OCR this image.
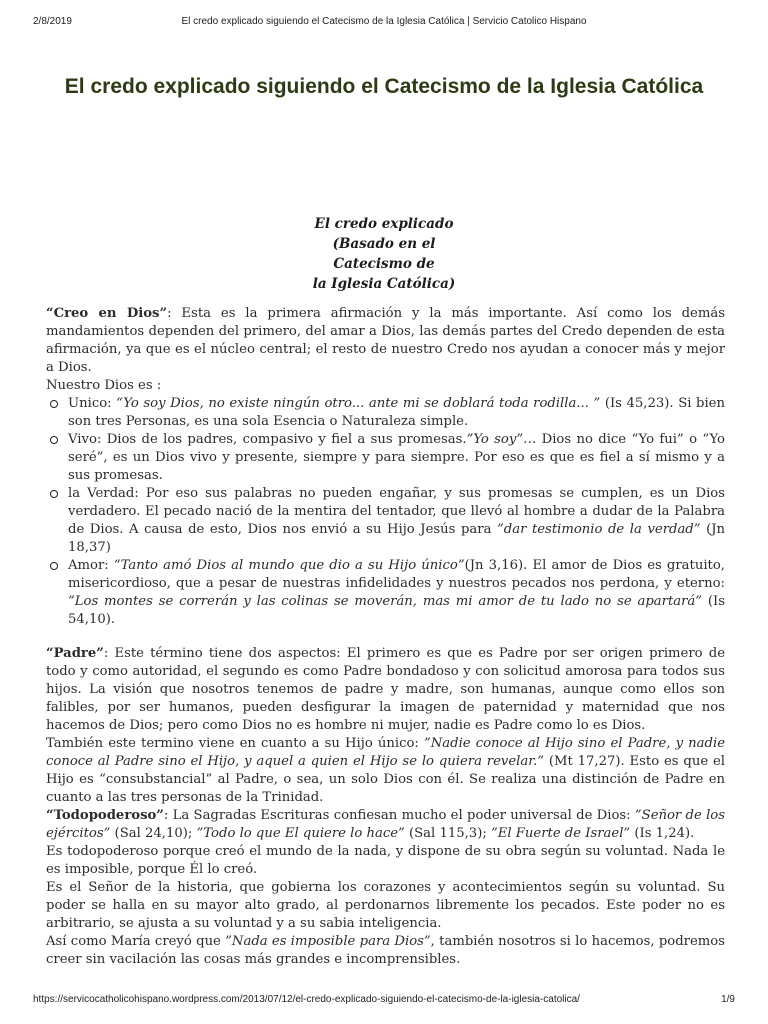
2/8/2019	El credo explicado siguiendo el Catecismo de la Iglesia Católica | Servicio Catolico Hispano
El credo explicado siguiendo el Catecismo de la Iglesia Católica
El credo explicado
(Basado en el
Catecismo de
la Iglesia Católica)

“Creo en Dios”: Esta es la primera afirmación y la más importante. Así como los demás mandamientos dependen del primero, del amar a Dios, las demás partes del Credo dependen de esta afirmación, ya que es el núcleo central; el resto de nuestro Credo nos ayudan a conocer más y mejor a Dios.

Nuestro Dios es :

Unico: “Yo soy Dios, no existe ningún otro... ante mi se doblará toda rodilla... ” (Is 45,23). Si bien son tres Personas, es una sola Esencia o Naturaleza simple.
Vivo: Dios de los padres, compasivo y fiel a sus promesas.”Yo soy”… Dios no dice “Yo fui” o “Yo seré”, es un Dios vivo y presente, siempre y para siempre. Por eso es que es fiel a sí mismo y a sus promesas.
la Verdad: Por eso sus palabras no pueden engañar, y sus promesas se cumplen, es un Dios verdadero. El pecado nació de la mentira del tentador, que llevó al hombre a dudar de la Palabra de Dios. A causa de esto, Dios nos envió a su Hijo Jesús para ”dar testimonio de la verdad” (Jn 18,37)
Amor: “Tanto amó Dios al mundo que dio a su Hijo único”(Jn 3,16). El amor de Dios es gratuito, misericordioso, que a pesar de nuestras infidelidades y nuestros pecados nos perdona, y eterno: ”Los montes se correrán y las colinas se moverán, mas mi amor de tu lado no se apartará” (Is 54,10).

“Padre”: Este término tiene dos aspectos: El primero es que es Padre por ser origen primero de todo y como autoridad, el segundo es como Padre bondadoso y con solicitud amorosa para todos sus hijos. La visión que nosotros tenemos de padre y madre, son humanas, aunque como ellos son falibles, por ser humanos, pueden desfigurar la imagen de paternidad y maternidad que nos hacemos de Dios; pero como Dios no es hombre ni mujer, nadie es Padre como lo es Dios.

También este termino viene en cuanto a su Hijo único: ”Nadie conoce al Hijo sino el Padre, y nadie conoce al Padre sino el Hijo, y aquel a quien el Hijo se lo quiera revelar.” (Mt 17,27). Esto es que el Hijo es “consubstancial” al Padre, o sea, un solo Dios con él. Se realiza una distinción de Padre en cuanto a las tres personas de la Trinidad.

“Todopoderoso”: La Sagradas Escrituras confiesan mucho el poder universal de Dios: ”Señor de los ejércitos” (Sal 24,10); ”Todo lo que El quiere lo hace” (Sal 115,3); ”El Fuerte de Israel” (Is 1,24).

Es todopoderoso porque creó el mundo de la nada, y dispone de su obra según su voluntad. Nada le es imposible, porque Él lo creó.

Es el Señor de la historia, que gobierna los corazones y acontecimientos según su voluntad. Su poder se halla en su mayor alto grado, al perdonarnos libremente los pecados. Este poder no es arbitrario, se ajusta a su voluntad y a su sabia inteligencia.

Así como María creyó que ”Nada es imposible para Dios”, también nosotros si lo hacemos, podremos creer sin vacilación las cosas más grandes e incomprensibles.

https://servicocatholicohispano.wordpress.com/2013/07/12/el-credo-explicado-siguiendo-el-catecismo-de-la-iglesia-catolica/	1/9
